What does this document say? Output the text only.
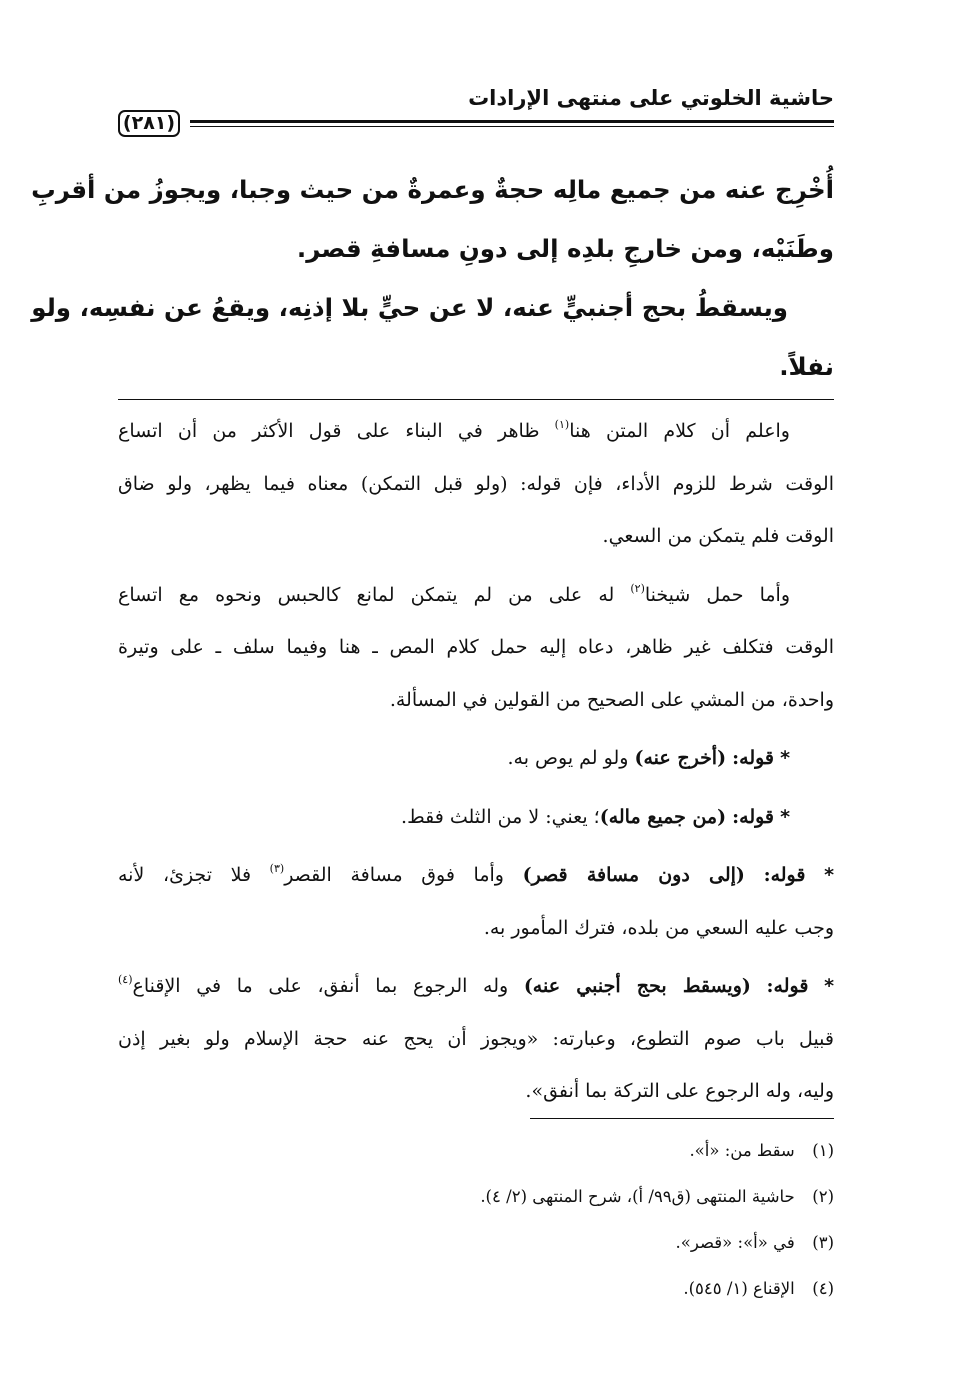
حاشية الخلوتي على منتهى الإرادات
(٢٨١)

أُخْرِج عنه من جميع مالِه حجةٌ وعمرةٌ من حيث وجبا، ويجوزُ من أقربِ

وطَنَيْه، ومن خارجِ بلدِه إلى دونِ مسافةِ قصر.

ويسقطُ بحج أجنبيٍّ عنه، لا عن حيٍّ بلا إذنِه، ويقعُ عن نفسِه، ولو

نفلاً.

واعلم أن كلام المتن هنا$^{(١)}$ ظاهر في البناء على قول الأكثر من أن اتساع
الوقت شرط للزوم الأداء، فإن قوله: (ولو قبل التمكن) معناه فيما يظهر، ولو ضاق
الوقت فلم يتمكن من السعي.
وأما حمل شيخنا$^{(٢)}$ له على من لم يتمكن لمانع كالحبس ونحوه مع اتساع
الوقت فتكلف غير ظاهر، دعاه إليه حمل كلام المص ـ هنا وفيما سلف ـ على وتيرة
واحدة، من المشي على الصحيح من القولين في المسألة.
* قوله: (أخرج عنه) ولو لم يوص به.
* قوله: (من جميع ماله)؛ يعني: لا من الثلث فقط.
* قوله: (إلى دون مسافة قصر) وأما فوق مسافة القصر$^{(٣)}$ فلا تجزئ، لأنه
وجب عليه السعي من بلده، فترك المأمور به.
* قوله: (ويسقط بحج أجنبي عنه) وله الرجوع بما أنفق، على ما في الإقناع$^{(٤)}$
قبيل باب صوم التطوع، وعبارته: «ويجوز أن يحج عنه حجة الإسلام ولو بغير إذن
وليه، وله الرجوع على التركة بما أنفق».
(١) سقط من: «أ».
(٢) حاشية المنتهى (ق٩٩/ أ)، شرح المنتهى (٢/ ٤).
(٣) في «أ»: «قصر».
(٤) الإقناع (١/ ٥٤٥).
